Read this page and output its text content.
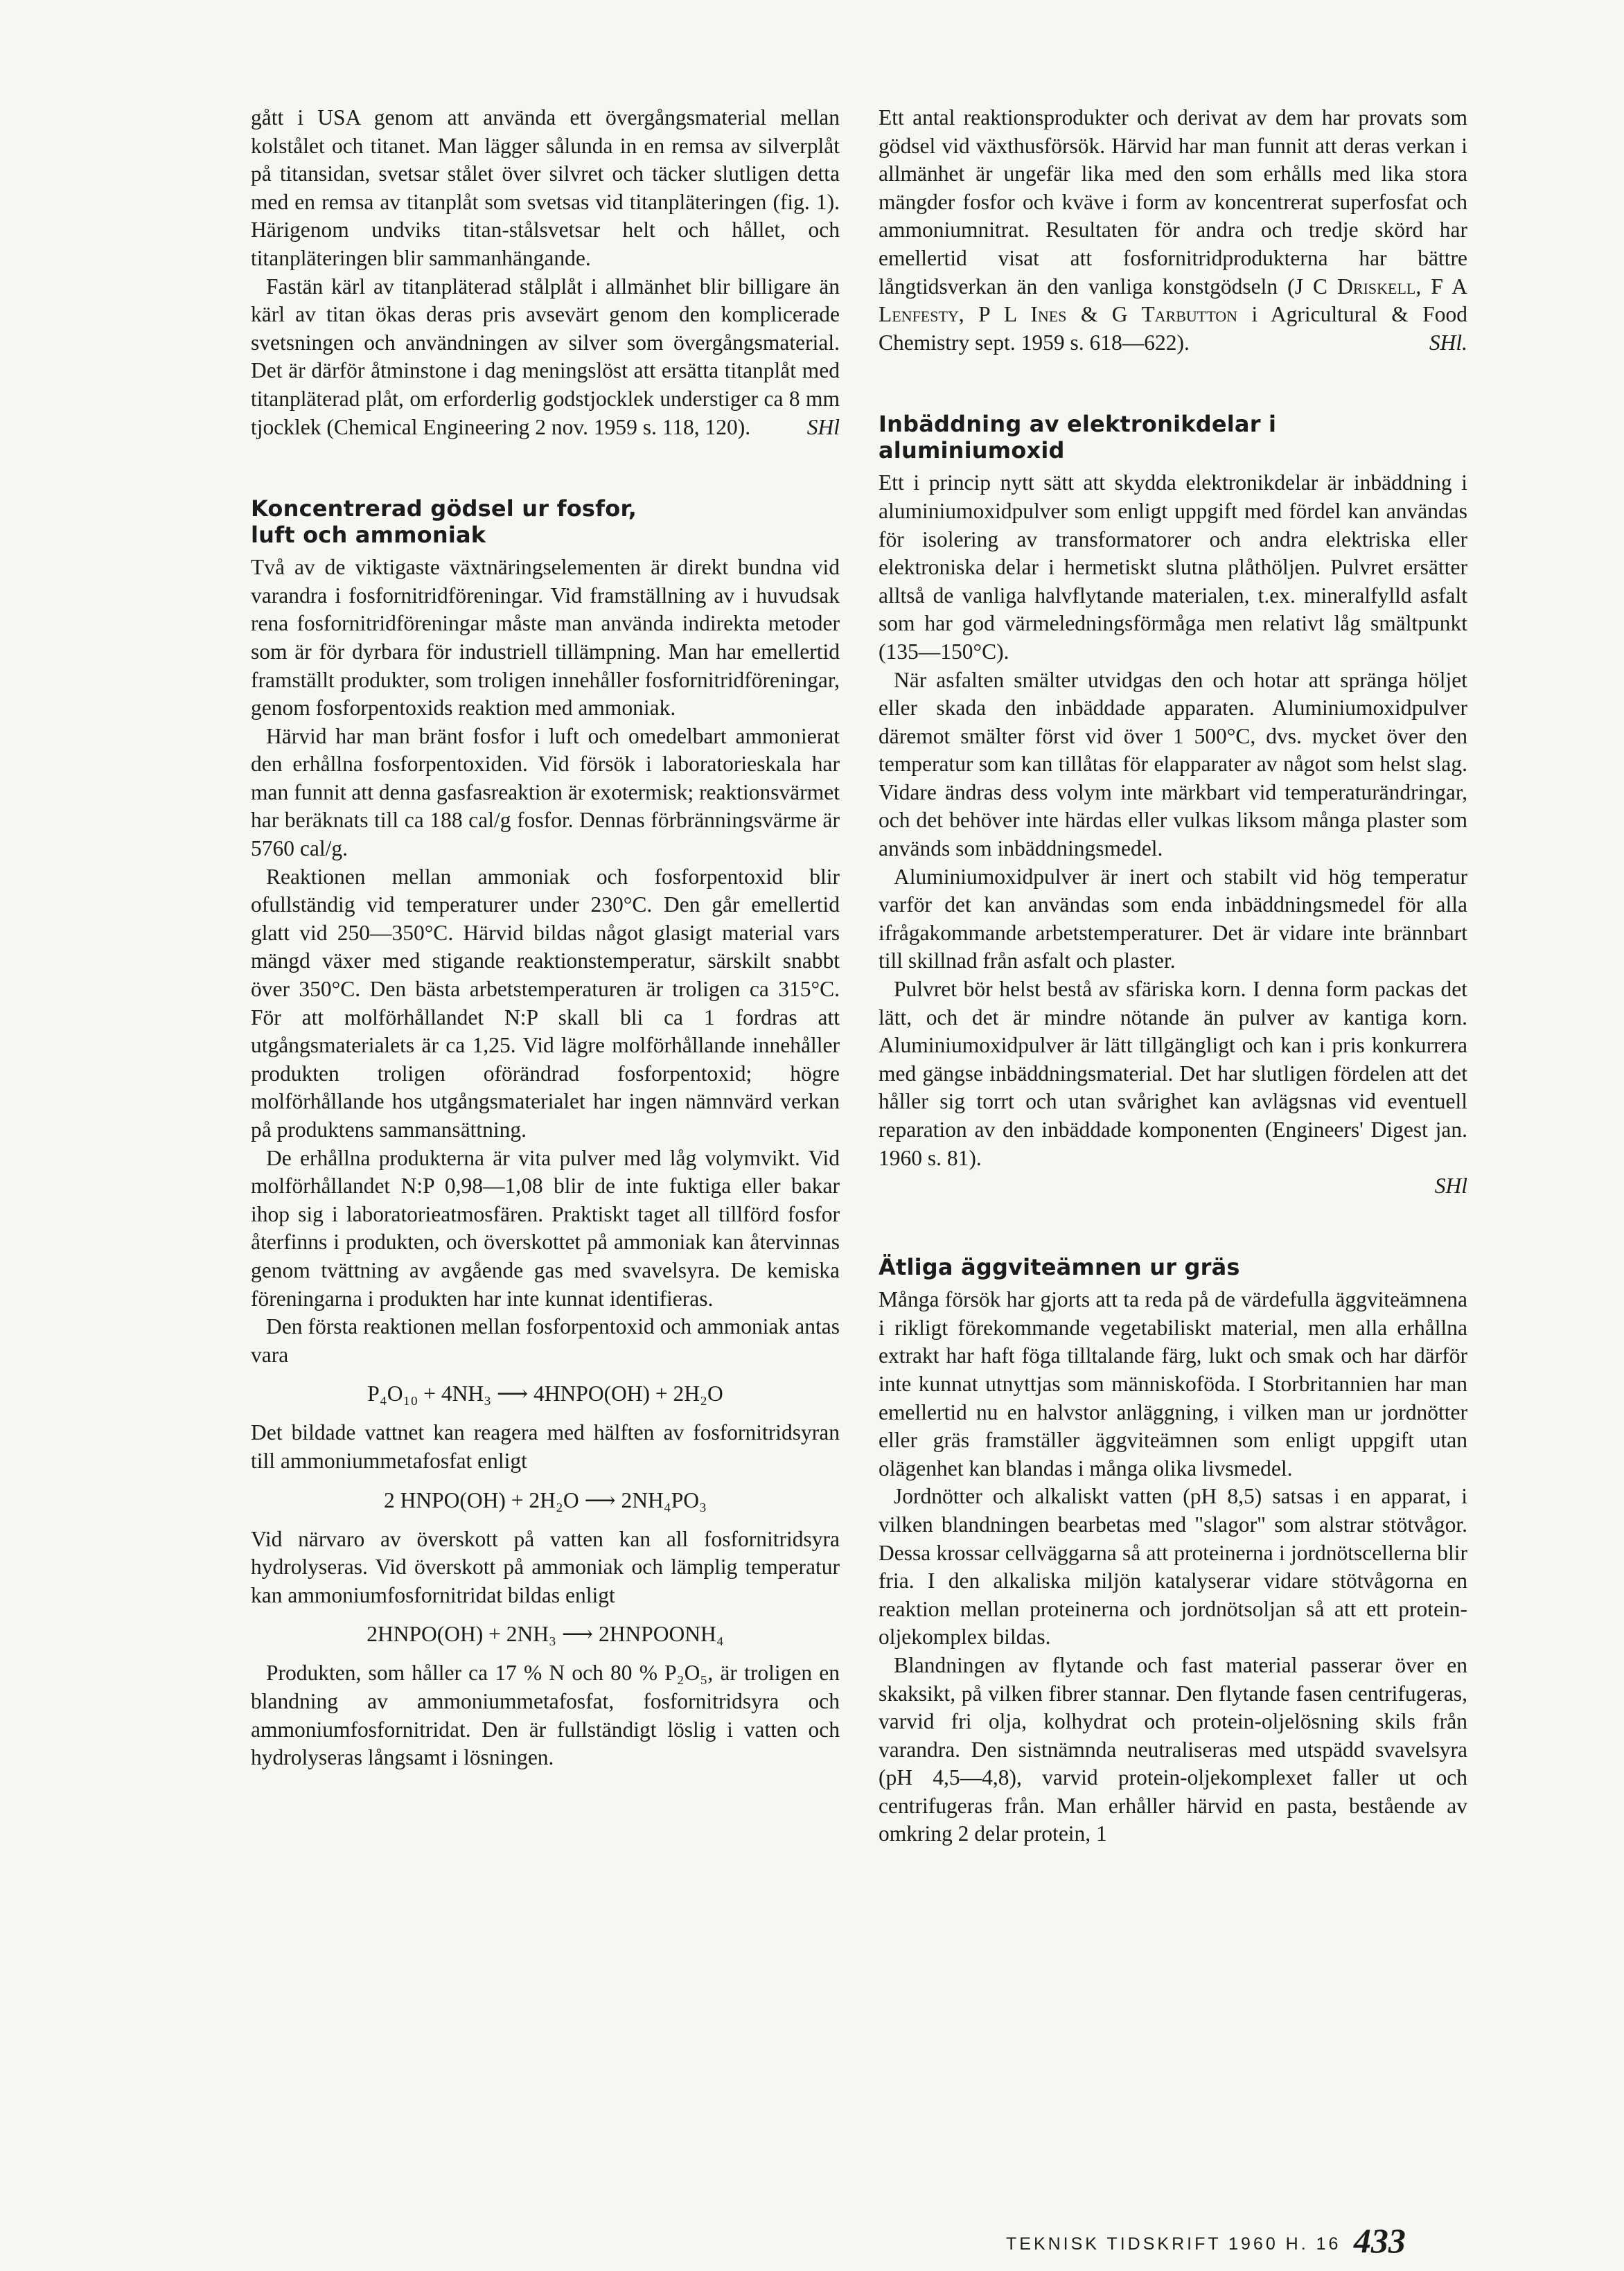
gått i USA genom att använda ett övergångsmaterial mellan kolstålet och titanet. Man lägger sålunda in en remsa av silverplåt på titansidan, svetsar stålet över silvret och täcker slutligen detta med en remsa av titanplåt som svetsas vid titanpläteringen (fig. 1). Härigenom undviks titan-stålsvetsar helt och hållet, och titanpläteringen blir sammanhängande.

Fastän kärl av titanpläterad stålplåt i allmänhet blir billigare än kärl av titan ökas deras pris avsevärt genom den komplicerade svetsningen och användningen av silver som övergångsmaterial. Det är därför åtminstone i dag meningslöst att ersätta titanplåt med titanpläterad plåt, om erforderlig godstjocklek understiger ca 8 mm tjocklek (Chemical Engineering 2 nov. 1959 s. 118, 120).	SHl

Koncentrerad gödsel ur fosfor,
luft och ammoniak

Två av de viktigaste växtnäringselementen är direkt bundna vid varandra i fosfornitridföreningar. Vid framställning av i huvudsak rena fosfornitridföreningar måste man använda indirekta metoder som är för dyrbara för industriell tillämpning. Man har emellertid framställt produkter, som troligen innehåller fosfornitridföreningar, genom fosforpentoxids reaktion med ammoniak.

Härvid har man bränt fosfor i luft och omedelbart ammonierat den erhållna fosforpentoxiden. Vid försök i laboratorieskala har man funnit att denna gasfasreaktion är exotermisk; reaktionsvärmet har beräknats till ca 188 cal/g fosfor. Dennas förbränningsvärme är 5760 cal/g.

Reaktionen mellan ammoniak och fosforpentoxid blir ofullständig vid temperaturer under 230°C. Den går emellertid glatt vid 250—350°C. Härvid bildas något glasigt material vars mängd växer med stigande reaktionstemperatur, särskilt snabbt över 350°C. Den bästa arbetstemperaturen är troligen ca 315°C. För att molförhållandet N:P skall bli ca 1 fordras att utgångsmaterialets är ca 1,25. Vid lägre molförhållande innehåller produkten troligen oförändrad fosforpentoxid; högre molförhållande hos utgångsmaterialet har ingen nämnvärd verkan på produktens sammansättning.

De erhållna produkterna är vita pulver med låg volymvikt. Vid molförhållandet N:P 0,98—1,08 blir de inte fuktiga eller bakar ihop sig i laboratorieatmosfären. Praktiskt taget all tillförd fosfor återfinns i produkten, och överskottet på ammoniak kan återvinnas genom tvättning av avgående gas med svavelsyra. De kemiska föreningarna i produkten har inte kunnat identifieras.

Den första reaktionen mellan fosforpentoxid och ammoniak antas vara

P₄O₁₀ + 4NH₃ ⟶ 4HNPO(OH) + 2H₂O

Det bildade vattnet kan reagera med hälften av fosfornitridsyran till ammoniummetafosfat enligt

2 HNPO(OH) + 2H₂O ⟶ 2NH₄PO₃

Vid närvaro av överskott på vatten kan all fosfornitridsyra hydrolyseras. Vid överskott på ammoniak och lämplig temperatur kan ammoniumfosfornitridat bildas enligt

2HNPO(OH) + 2NH₃ ⟶ 2HNPOONH₄

Produkten, som håller ca 17 % N och 80 % P₂O₅, är troligen en blandning av ammoniummetafosfat, fosfornitridsyra och ammoniumfosfornitridat. Den är fullständigt löslig i vatten och hydrolyseras långsamt i lösningen.

Ett antal reaktionsprodukter och derivat av dem har provats som gödsel vid växthusförsök. Härvid har man funnit att deras verkan i allmänhet är ungefär lika med den som erhålls med lika stora mängder fosfor och kväve i form av koncentrerat superfosfat och ammoniumnitrat. Resultaten för andra och tredje skörd har emellertid visat att fosfornitridprodukterna har bättre långtidsverkan än den vanliga konstgödseln (J C Driskell, F A Lenfesty, P L Ines & G Tarbutton i Agricultural & Food Chemistry sept. 1959 s. 618—622).	SHl.

Inbäddning av elektronikdelar i aluminiumoxid

Ett i princip nytt sätt att skydda elektronikdelar är inbäddning i aluminiumoxidpulver som enligt uppgift med fördel kan användas för isolering av transformatorer och andra elektriska eller elektroniska delar i hermetiskt slutna plåthöljen. Pulvret ersätter alltså de vanliga halvflytande materialen, t.ex. mineralfylld asfalt som har god värmeledningsförmåga men relativt låg smältpunkt (135—150°C).

När asfalten smälter utvidgas den och hotar att spränga höljet eller skada den inbäddade apparaten. Aluminiumoxidpulver däremot smälter först vid över 1 500°C, dvs. mycket över den temperatur som kan tillåtas för elapparater av något som helst slag. Vidare ändras dess volym inte märkbart vid temperaturändringar, och det behöver inte härdas eller vulkas liksom många plaster som används som inbäddningsmedel.

Aluminiumoxidpulver är inert och stabilt vid hög temperatur varför det kan användas som enda inbäddningsmedel för alla ifrågakommande arbetstemperaturer. Det är vidare inte brännbart till skillnad från asfalt och plaster.

Pulvret bör helst bestå av sfäriska korn. I denna form packas det lätt, och det är mindre nötande än pulver av kantiga korn. Aluminiumoxidpulver är lätt tillgängligt och kan i pris konkurrera med gängse inbäddningsmaterial. Det har slutligen fördelen att det håller sig torrt och utan svårighet kan avlägsnas vid eventuell reparation av den inbäddade komponenten (Engineers' Digest jan. 1960 s. 81).

SHl
Ätliga äggviteämnen ur gräs

Många försök har gjorts att ta reda på de värdefulla äggviteämnena i rikligt förekommande vegetabiliskt material, men alla erhållna extrakt har haft föga tilltalande färg, lukt och smak och har därför inte kunnat utnyttjas som människoföda. I Storbritannien har man emellertid nu en halvstor anläggning, i vilken man ur jordnötter eller gräs framställer äggviteämnen som enligt uppgift utan olägenhet kan blandas i många olika livsmedel.

Jordnötter och alkaliskt vatten (pH 8,5) satsas i en apparat, i vilken blandningen bearbetas med "slagor" som alstrar stötvågor. Dessa krossar cellväggarna så att proteinerna i jordnötscellerna blir fria. I den alkaliska miljön katalyserar vidare stötvågorna en reaktion mellan proteinerna och jordnötsoljan så att ett protein-oljekomplex bildas.

Blandningen av flytande och fast material passerar över en skaksikt, på vilken fibrer stannar. Den flytande fasen centrifugeras, varvid fri olja, kolhydrat och protein-oljelösning skils från varandra. Den sistnämnda neutraliseras med utspädd svavelsyra (pH 4,5—4,8), varvid protein-oljekomplexet faller ut och centrifugeras från. Man erhåller härvid en pasta, bestående av omkring 2 delar protein, 1

TEKNISK TIDSKRIFT 1960 H. 16 433
